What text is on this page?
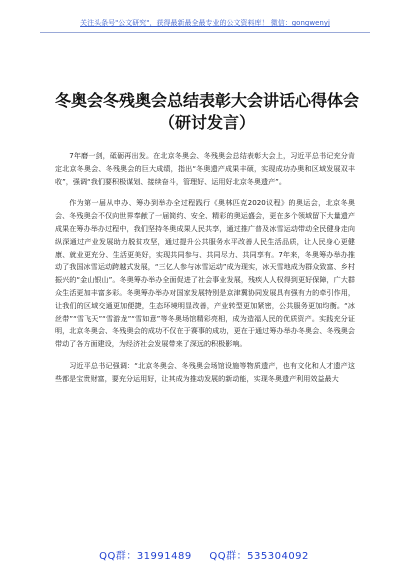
关注头条号"公文研究"，获得最新最全最专业的公文资料库！ 微信：gongwenyj
冬奥会冬残奥会总结表彰大会讲话心得体会（研讨发言）

7年磨一剑，砥砺再出发。在北京冬奥会、冬残奥会总结表彰大会上，习近平总书记充分肯定北京冬奥会、冬残奥会的巨大成绩，指出“冬奥遗产成果丰硕，实现成功办奥和区域发展双丰收”，强调“我们要积极谋划、接续奋斗，管理好、运用好北京冬奥遗产”。

作为第一届从申办、筹办到举办全过程践行《奥林匹克2020议程》的奥运会，北京冬奥会、冬残奥会不仅向世界奉献了一届简约、安全、精彩的奥运盛会，更在多个领域留下大量遗产成果在筹办举办过程中，我们坚持冬奥成果人民共享，通过推广普及冰雪运动带动全民健身走向纵深通过产业发展助力脱贫攻坚，通过提升公共服务水平改善人民生活品质，让人民身心更健康、就业更充分、生活更美好，实现共同参与、共同尽力、共同享有。7年来，冬奥筹办举办推动了我国冰雪运动跨越式发展，“三亿人参与冰雪运动”成为现实，冰天雪地成为群众致富、乡村振兴的“金山银山”。冬奥筹办举办全面促进了社会事业发展，残疾人人权得到更好保障，广大群众生活更加丰富多彩。冬奥筹办举办对国家发展特别是京津冀协同发展具有强有力的牵引作用，让我们的区域交通更加便捷，生态环境明显改善，产业转型更加紧密，公共服务更加均衡。“冰丝带”“雪飞天”“雪游龙”“雪如意”等冬奥场馆精彩亮相，成为造福人民的优质资产。实践充分证明，北京冬奥会、冬残奥会的成功不仅在于赛事的成功，更在于通过筹办举办冬奥会、冬残奥会带动了各方面建设，为经济社会发展带来了深远的积极影响。

习近平总书记强调：“北京冬奥会、冬残奥会场馆设施等物质遗产，也有文化和人才遗产这些都是宝贵财富，要充分运用好，让其成为推动发展的新动能，实现冬奥遗产利用效益最大

QQ群：31991489 QQ群：535304092
